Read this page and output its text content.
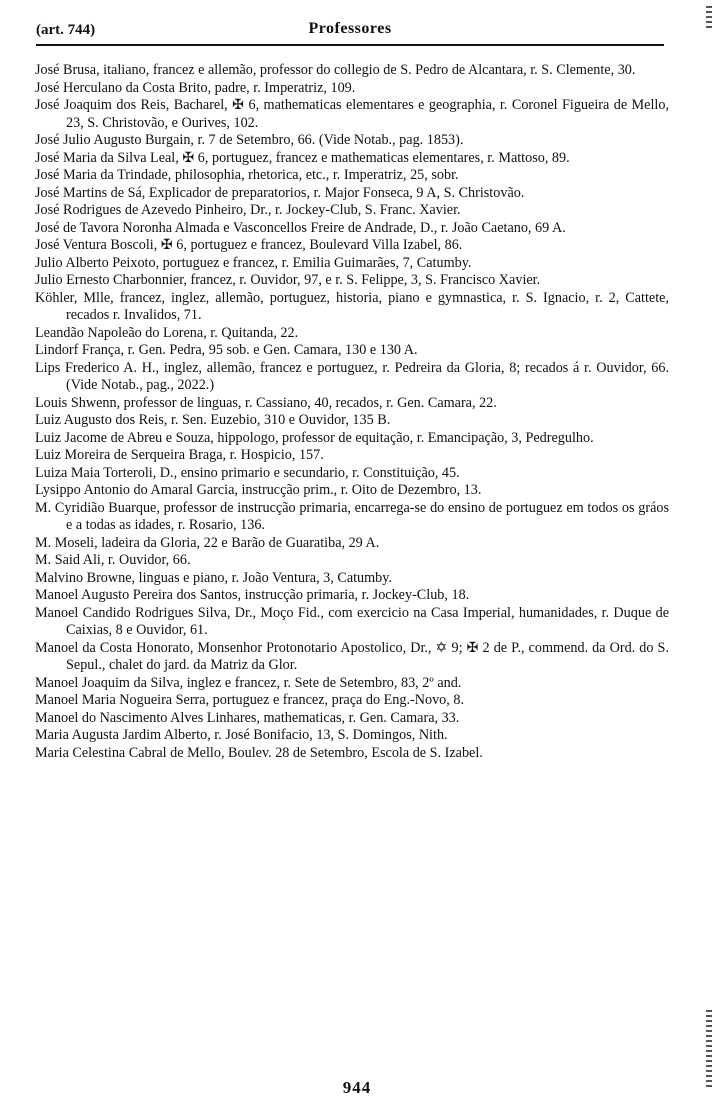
(art. 744)	Professores
José Brusa, italiano, francez e allemão, professor do collegio de S. Pedro de Alcantara, r. S. Clemente, 30.
José Herculano da Costa Brito, padre, r. Imperatriz, 109.
José Joaquim dos Reis, Bacharel, ✠ 6, mathematicas elementares e geographia, r. Coronel Figueira de Mello, 23, S. Christovão, e Ourives, 102.
José Julio Augusto Burgain, r. 7 de Setembro, 66. (Vide Notab., pag. 1853).
José Maria da Silva Leal, ✠ 6, portuguez, francez e mathematicas elementares, r. Mattoso, 89.
José Maria da Trindade, philosophia, rhetorica, etc., r. Imperatriz, 25, sobr.
José Martins de Sá, Explicador de preparatorios, r. Major Fonseca, 9 A, S. Christovão.
José Rodrigues de Azevedo Pinheiro, Dr., r. Jockey-Club, S. Franc. Xavier.
José de Tavora Noronha Almada e Vasconcellos Freire de Andrade, D., r. João Caetano, 69 A.
José Ventura Boscoli, ✠ 6, portuguez e francez, Boulevard Villa Izabel, 86.
Julio Alberto Peixoto, portuguez e francez, r. Emilia Guimarães, 7, Catumby.
Julio Ernesto Charbonnier, francez, r. Ouvidor, 97, e r. S. Felippe, 3, S. Francisco Xavier.
Köhler, Mlle, francez, inglez, allemão, portuguez, historia, piano e gymnastica, r. S. Ignacio, r. 2, Cattete, recados r. Invalidos, 71.
Leandão Napoleão do Lorena, r. Quitanda, 22.
Lindorf França, r. Gen. Pedra, 95 sob. e Gen. Camara, 130 e 130 A.
Lips Frederico A. H., inglez, allemão, francez e portuguez, r. Pedreira da Gloria, 8; recados á r. Ouvidor, 66. (Vide Notab., pag., 2022.)
Louis Shwenn, professor de linguas, r. Cassiano, 40, recados, r. Gen. Camara, 22.
Luiz Augusto dos Reis, r. Sen. Euzebio, 310 e Ouvidor, 135 B.
Luiz Jacome de Abreu e Souza, hippologo, professor de equitação, r. Emancipação, 3, Pedregulho.
Luiz Moreira de Serqueira Braga, r. Hospicio, 157.
Luiza Maia Torteroli, D., ensino primario e secundario, r. Constituição, 45.
Lysippo Antonio do Amaral Garcia, instrucção prim., r. Oito de Dezembro, 13.
M. Cyridião Buarque, professor de instrucção primaria, encarrega-se do ensino de portuguez em todos os gráos e a todas as idades, r. Rosario, 136.
M. Moseli, ladeira da Gloria, 22 e Barão de Guaratiba, 29 A.
M. Said Ali, r. Ouvidor, 66.
Malvino Browne, linguas e piano, r. João Ventura, 3, Catumby.
Manoel Augusto Pereira dos Santos, instrucção primaria, r. Jockey-Club, 18.
Manoel Candido Rodrigues Silva, Dr., Moço Fid., com exercicio na Casa Imperial, humanidades, r. Duque de Caixias, 8 e Ouvidor, 61.
Manoel da Costa Honorato, Monsenhor Protonotario Apostolico, Dr., ✡ 9; ✠ 2 de P., commend. da Ord. do S. Sepul., chalet do jard. da Matriz da Glor.
Manoel Joaquim da Silva, inglez e francez, r. Sete de Setembro, 83, 2º and.
Manoel Maria Nogueira Serra, portuguez e francez, praça do Eng.-Novo, 8.
Manoel do Nascimento Alves Linhares, mathematicas, r. Gen. Camara, 33.
Maria Augusta Jardim Alberto, r. José Bonifacio, 13, S. Domingos, Nith.
Maria Celestina Cabral de Mello, Boulev. 28 de Setembro, Escola de S. Izabel.
944
